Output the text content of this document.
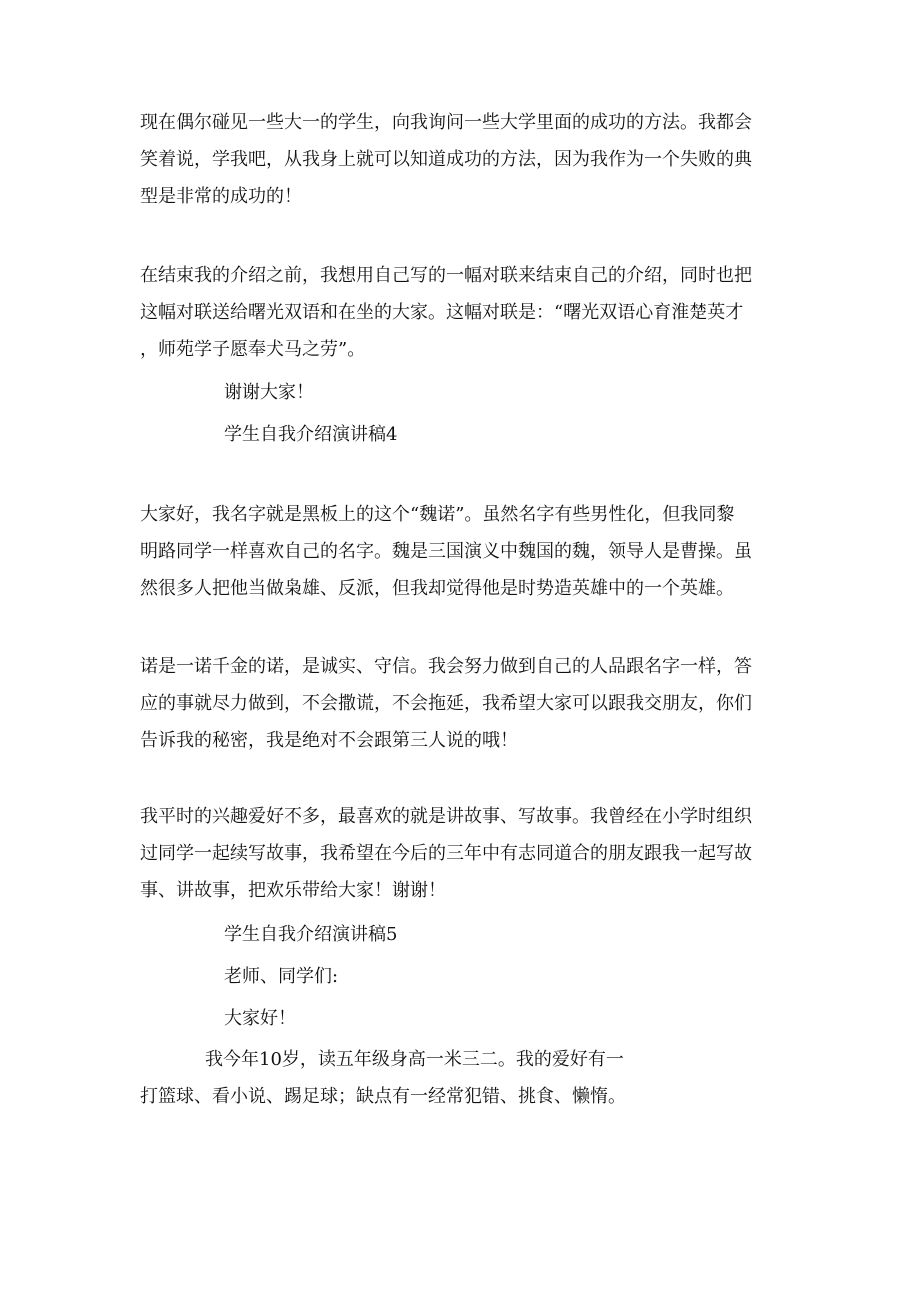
现在偶尔碰见一些大一的学生，向我询问一些大学里面的成功的方法。我都会
笑着说，学我吧，从我身上就可以知道成功的方法，因为我作为一个失败的典
型是非常的成功的！

在结束我的介绍之前，我想用自己写的一幅对联来结束自己的介绍，同时也把
这幅对联送给曙光双语和在坐的大家。这幅对联是：“曙光双语心育淮楚英才
，师苑学子愿奉犬马之劳”。

谢谢大家！

学生自我介绍演讲稿4

大家好，我名字就是黑板上的这个“魏诺”。虽然名字有些男性化，但我同黎
明路同学一样喜欢自己的名字。魏是三国演义中魏国的魏，领导人是曹操。虽
然很多人把他当做枭雄、反派，但我却觉得他是时势造英雄中的一个英雄。

诺是一诺千金的诺，是诚实、守信。我会努力做到自己的人品跟名字一样，答
应的事就尽力做到，不会撒谎，不会拖延，我希望大家可以跟我交朋友，你们
告诉我的秘密，我是绝对不会跟第三人说的哦！

我平时的兴趣爱好不多，最喜欢的就是讲故事、写故事。我曾经在小学时组织
过同学一起续写故事，我希望在今后的三年中有志同道合的朋友跟我一起写故
事、讲故事，把欢乐带给大家！谢谢！

学生自我介绍演讲稿5

老师、同学们:

大家好！

我今年10岁，读五年级身高一米三二。我的爱好有一

打篮球、看小说、踢足球；缺点有一经常犯错、挑食、懒惰。
